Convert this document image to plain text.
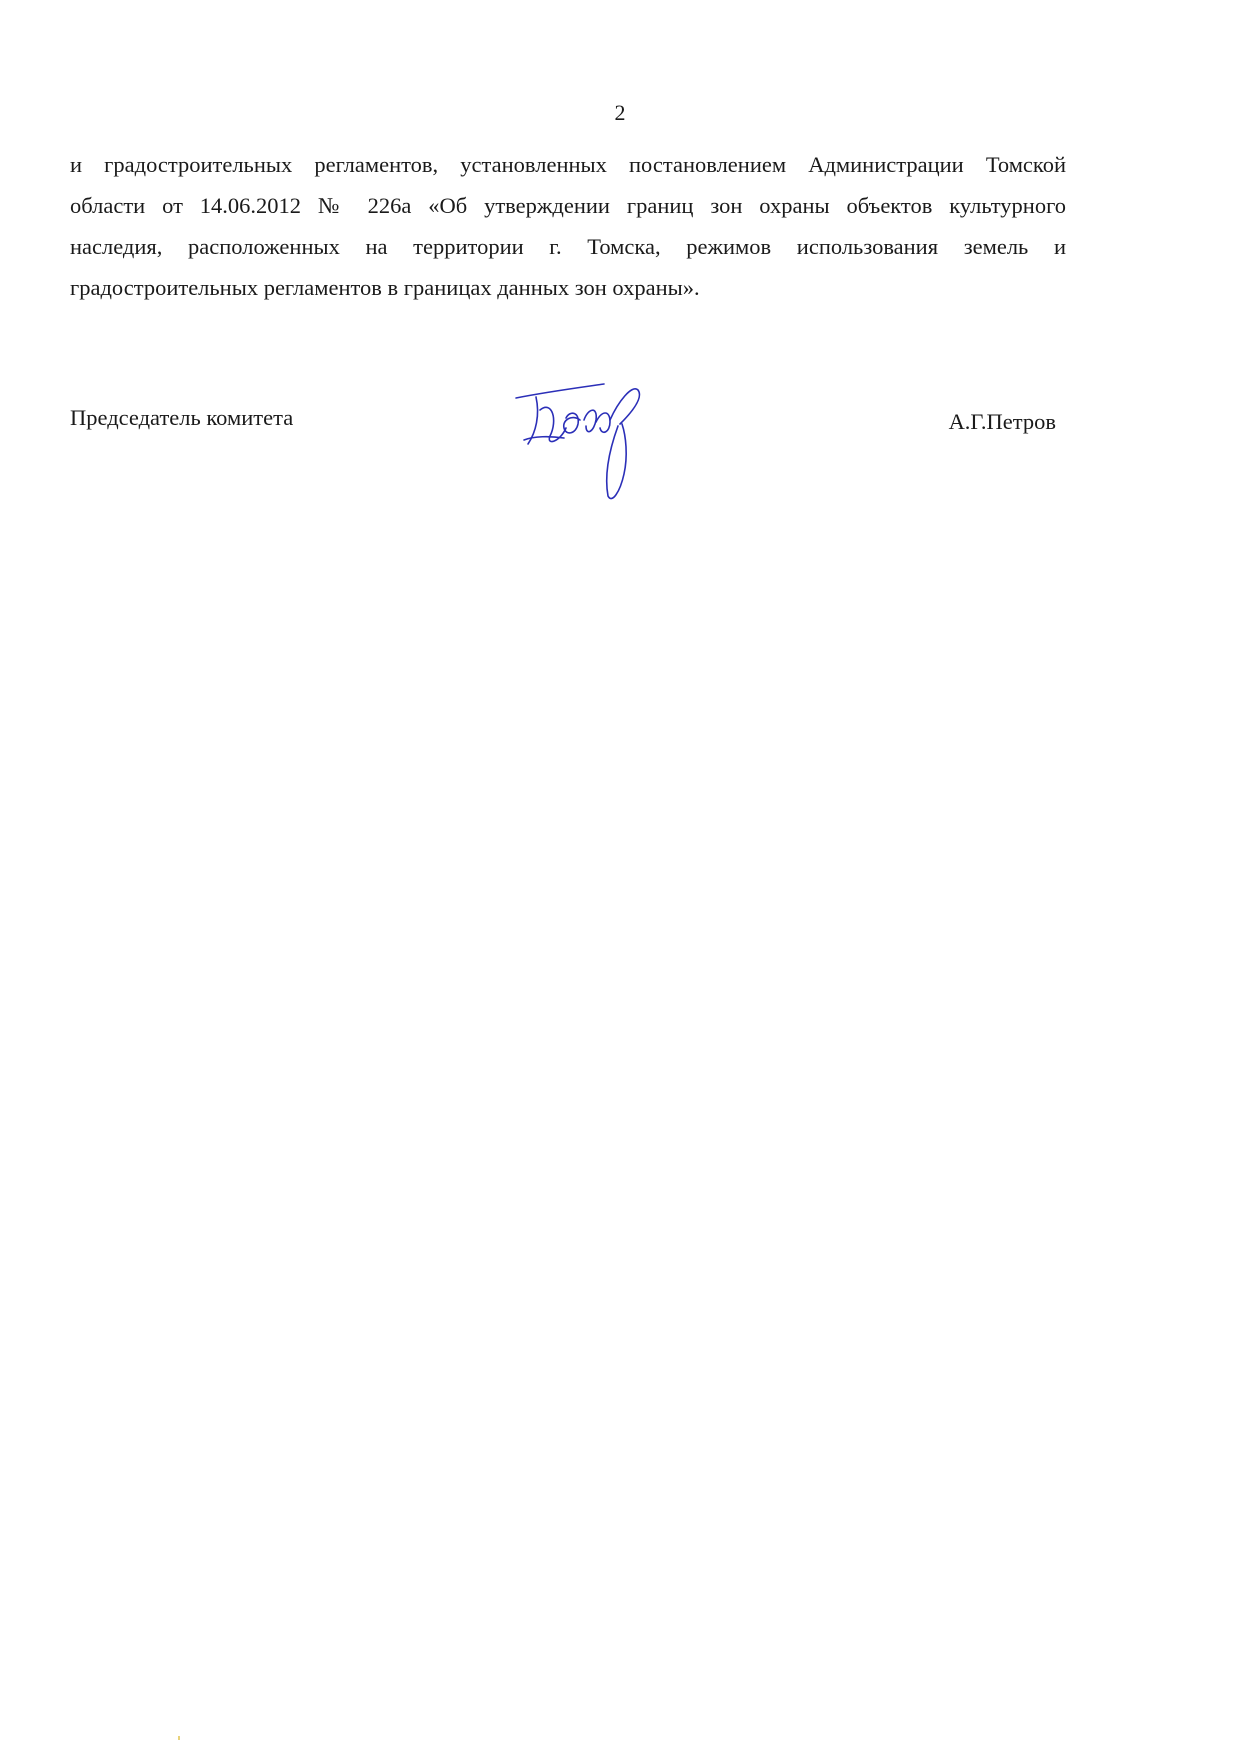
2
и градостроительных регламентов, установленных постановлением Администрации Томской
области от 14.06.2012 № 226а «Об утверждении границ зон охраны объектов культурного
наследия, расположенных на территории г. Томска, режимов использования земель и
градостроительных регламентов в границах данных зон охраны».
Председатель комитета	А.Г.Петров
